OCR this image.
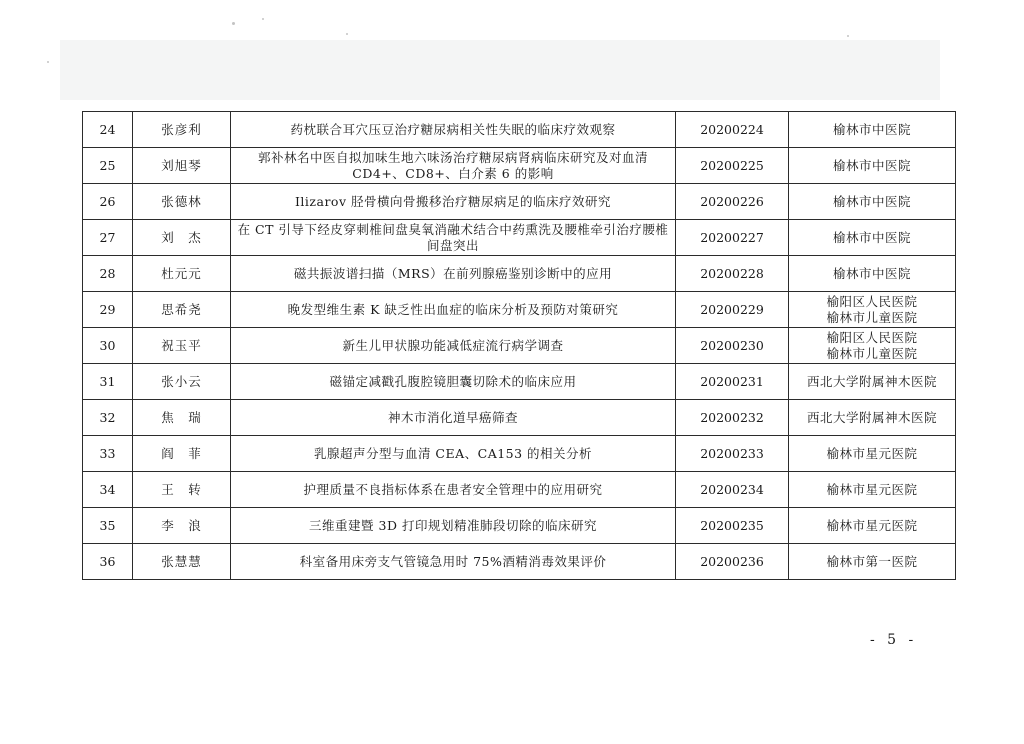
24	张彦利	药枕联合耳穴压豆治疗糖尿病相关性失眠的临床疗效观察	20200224	榆林市中医院

25	刘旭琴	郭补林名中医自拟加味生地六味汤治疗糖尿病肾病临床研究及对血清 CD4+、CD8+、白介素 6 的影响	20200225	榆林市中医院

26	张德林	Ilizarov 胫骨横向骨搬移治疗糖尿病足的临床疗效研究	20200226	榆林市中医院

27	刘　杰	在 CT 引导下经皮穿刺椎间盘臭氧消融术结合中药熏洗及腰椎牵引治疗腰椎间盘突出	20200227	榆林市中医院

28	杜元元	磁共振波谱扫描（MRS）在前列腺癌鉴别诊断中的应用	20200228	榆林市中医院

29	思希尧	晚发型维生素 K 缺乏性出血症的临床分析及预防对策研究	20200229	榆阳区人民医院
榆林市儿童医院

30	祝玉平	新生儿甲状腺功能减低症流行病学调查	20200230	榆阳区人民医院
榆林市儿童医院

31	张小云	磁锚定减戳孔腹腔镜胆囊切除术的临床应用	20200231	西北大学附属神木医院

32	焦　瑞	神木市消化道早癌筛查	20200232	西北大学附属神木医院

33	阎　菲	乳腺超声分型与血清 CEA、CA153 的相关分析	20200233	榆林市星元医院

34	王　转	护理质量不良指标体系在患者安全管理中的应用研究	20200234	榆林市星元医院

35	李　浪	三维重建暨 3D 打印规划精准肺段切除的临床研究	20200235	榆林市星元医院

36	张慧慧	科室备用床旁支气管镜急用时 75%酒精消毒效果评价	20200236	榆林市第一医院
- 5 -
